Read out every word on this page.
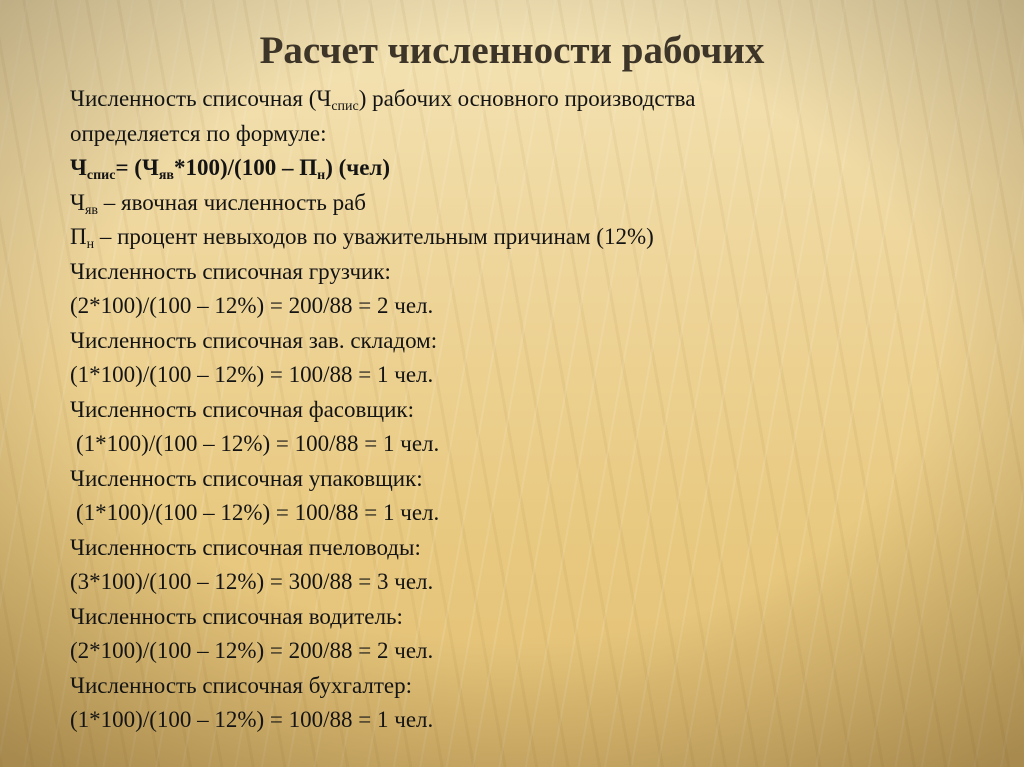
Расчет численности рабочих
Численность списочная $(Ч_{спис})$ рабочих основного производства
определяется по формуле:
$Ч_{спис}= (Ч_{яв}*100)/(100 - П_н)$ (чел)
$Ч_{яв}$ – явочная численность раб
$П_н$ – процент невыходов по уважительным причинам (12%)
Численность списочная грузчик:
(2*100)/(100 – 12%) = 200/88 = 2 чел.
Численность списочная зав. складом:
(1*100)/(100 – 12%) = 100/88 = 1 чел.
Численность списочная фасовщик:
(1*100)/(100 – 12%) = 100/88 = 1 чел.
Численность списочная упаковщик:
(1*100)/(100 – 12%) = 100/88 = 1 чел.
Численность списочная пчеловоды:
(3*100)/(100 – 12%) = 300/88 = 3 чел.
Численность списочная водитель:
(2*100)/(100 – 12%) = 200/88 = 2 чел.
Численность списочная бухгалтер:
(1*100)/(100 – 12%) = 100/88 = 1 чел.
